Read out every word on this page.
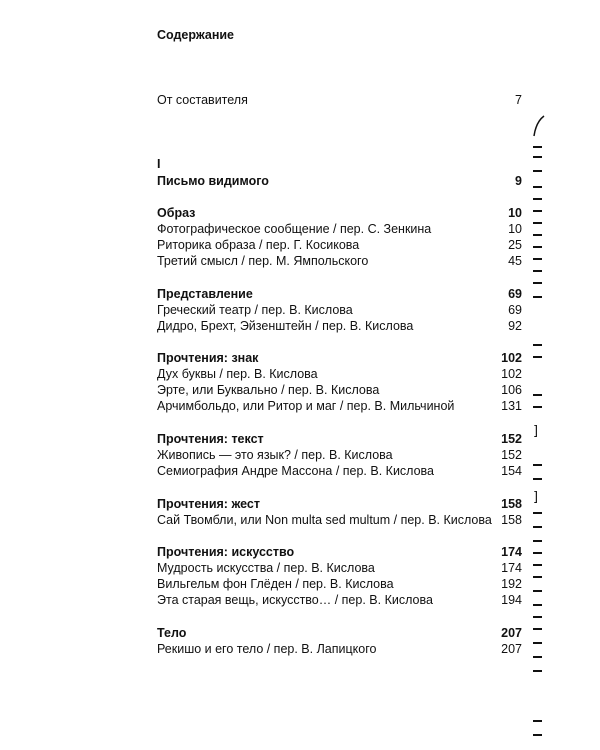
Содержание
От составителя	7
I
Письмо видимого	9
Образ	10
Фотографическое сообщение / пер. С. Зенкина	10
Риторика образа / пер. Г. Косикова	25
Третий смысл / пер. М. Ямпольского	45
Представление	69
Греческий театр / пер. В. Кислова	69
Дидро, Брехт, Эйзенштейн / пер. В. Кислова	92
Прочтения: знак	102
Дух буквы / пер. В. Кислова	102
Эрте, или Буквально / пер. В. Кислова	106
Арчимбольдо, или Ритор и маг / пер. В. Мильчиной	131
Прочтения: текст	152
Живопись — это язык? / пер. В. Кислова	152
Семиография Андре Массона / пер. В. Кислова	154
Прочтения: жест	158
Сай Твомбли, или Non multa sed multum / пер. В. Кислова 158
Прочтения: искусство	174
Мудрость искусства / пер. В. Кислова	174
Вильгельм фон Глёден / пер. В. Кислова	192
Эта старая вещь, искусство… / пер. В. Кислова	194
Тело	207
Рекишо и его тело / пер. В. Лапицкого	207
]
]
